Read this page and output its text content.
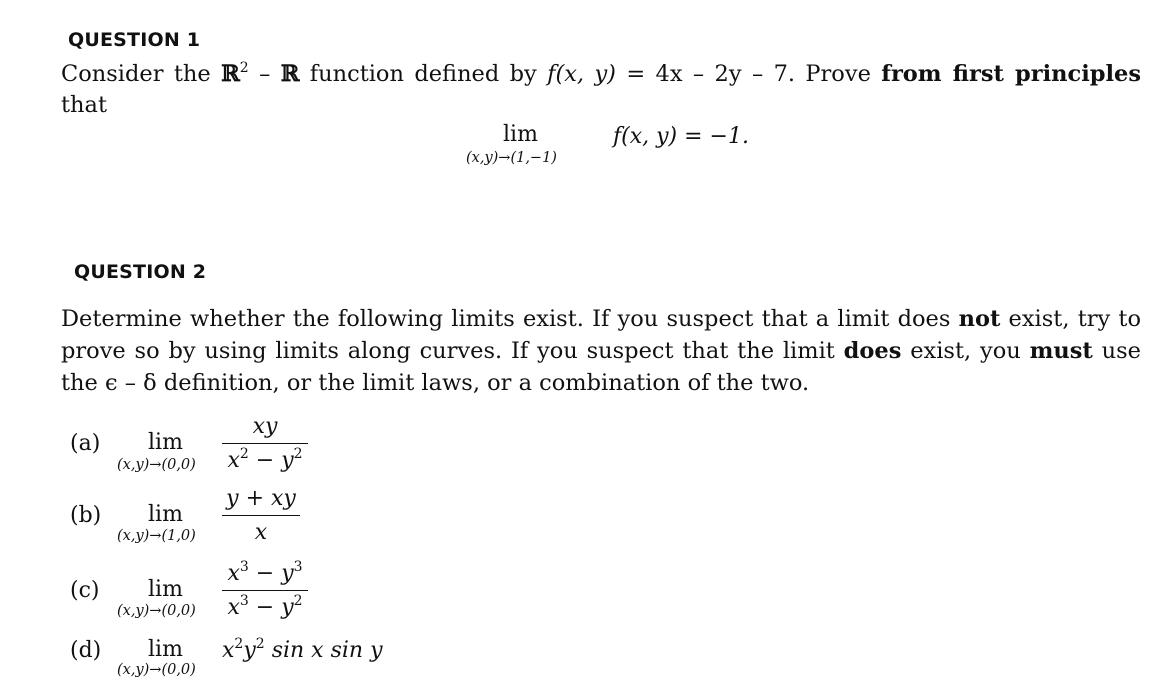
QUESTION 1
Consider the ℝ$^2$ – ℝ function defined by f(x, y) = 4x – 2y – 7. Prove from first principles
that
lim
(x,y)→(1,−1)
f(x, y) = −1.
QUESTION 2
Determine whether the following limits exist. If you suspect that a limit does not exist, try to
prove so by using limits along curves. If you suspect that the limit does exist, you must use
the ϵ – δ definition, or the limit laws, or a combination of the two.
(a) lim
(x,y)→(0,0)
xy
$x^2 - y^2$
(b) lim
(x,y)→(1,0)
y + xy
x
(c) lim
(x,y)→(0,0)
$x^3 - y^3$
$x^3 - y^2$
(d) lim
(x,y)→(0,0)
$x^2y^2$ sin x sin y
